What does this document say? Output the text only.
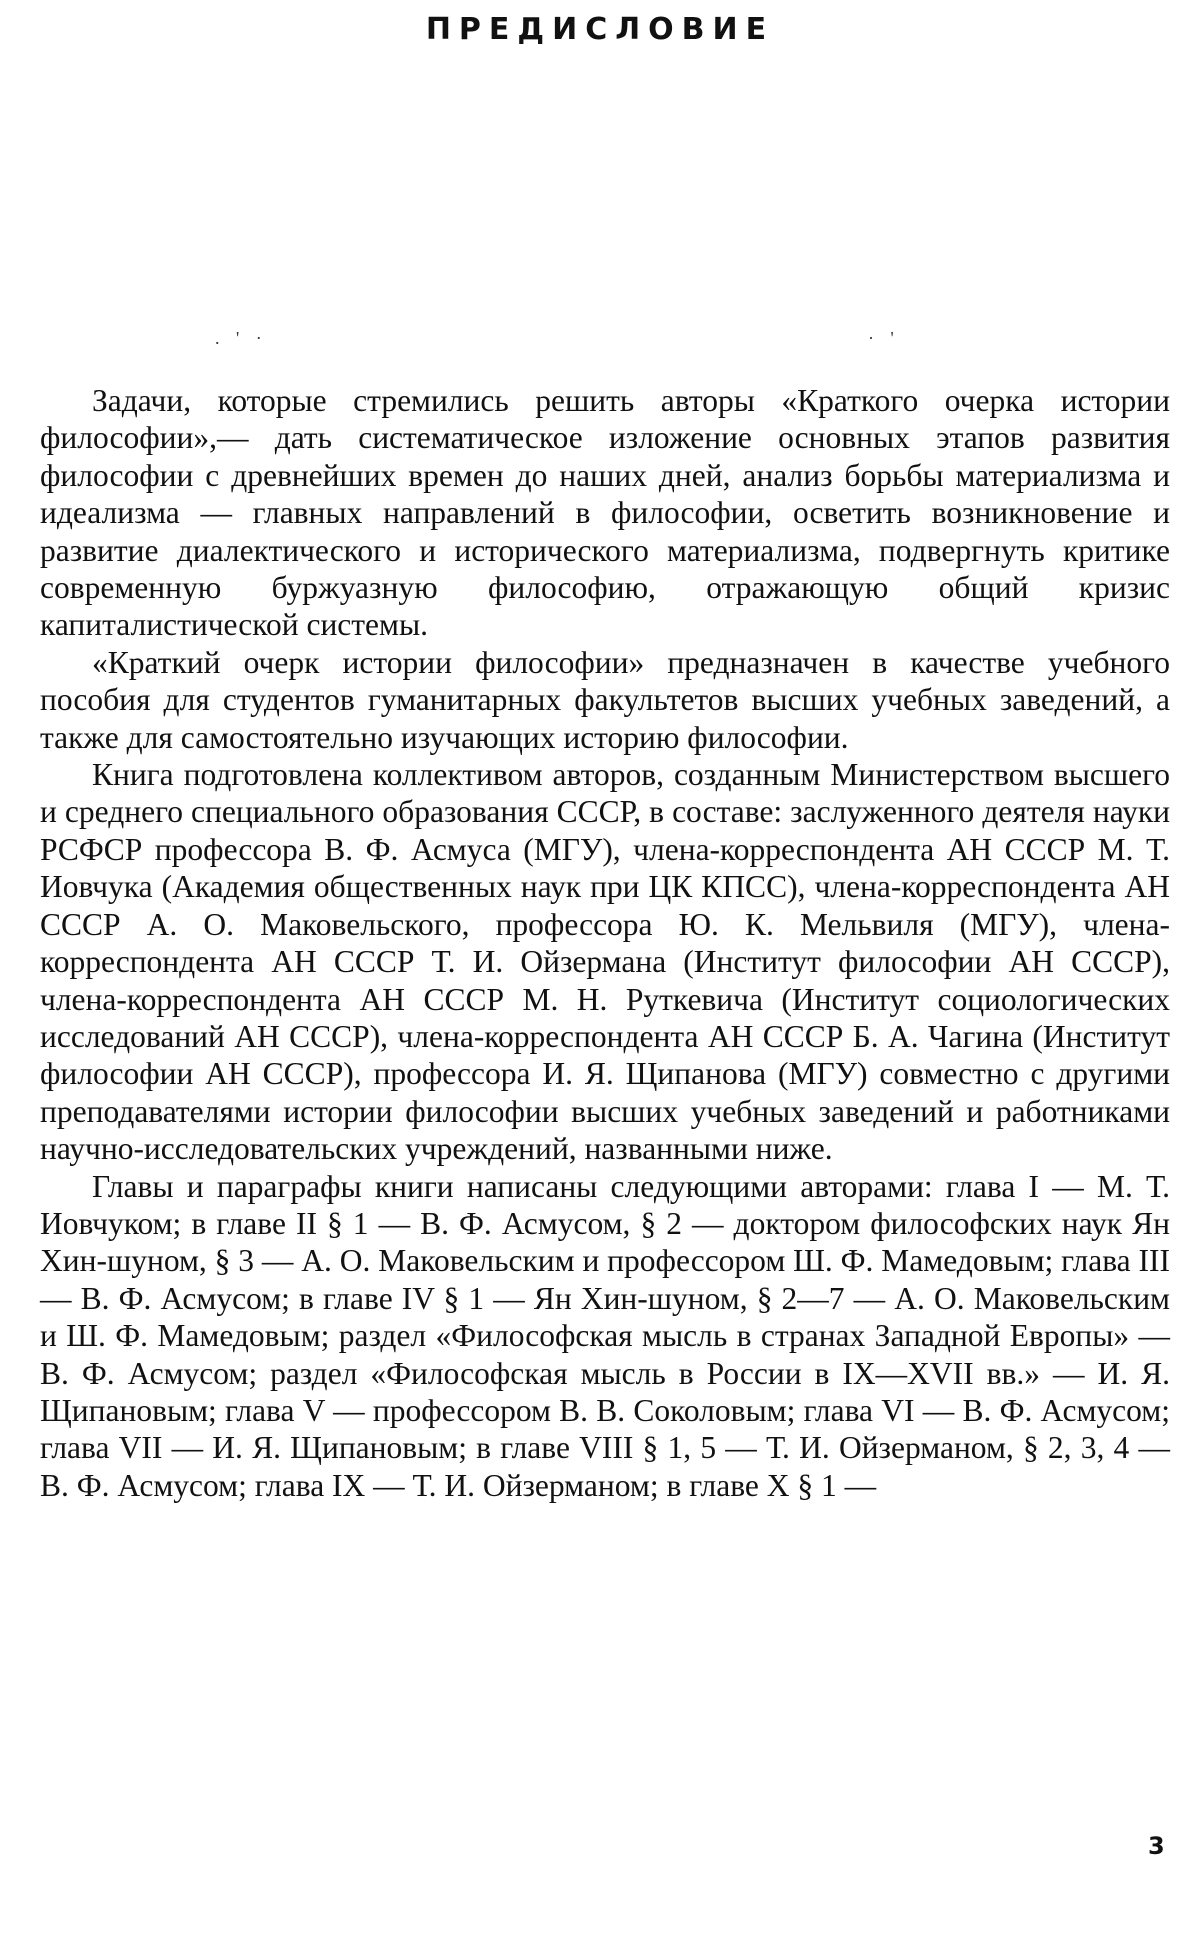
ПРЕДИСЛОВИЕ
. ' ·	· '

Задачи, которые стремились решить авторы «Краткого очерка истории философии»,— дать систематическое изложение основных этапов развития философии с древнейших времен до наших дней, анализ борьбы материализма и идеализма — главных направлений в философии, осветить возникновение и развитие диалектического и исторического материализма, подвергнуть критике современную буржуазную философию, отражающую общий кризис капиталистической системы.

«Краткий очерк истории философии» предназначен в качестве учебного пособия для студентов гуманитарных факультетов высших учебных заведений, а также для самостоятельно изучающих историю философии.

Книга подготовлена коллективом авторов, созданным Министерством высшего и среднего специального образования СССР, в составе: заслуженного деятеля науки РСФСР профессора В. Ф. Асмуса (МГУ), члена-корреспондента АН СССР М. Т. Иовчука (Академия общественных наук при ЦК КПСС), члена-корреспондента АН СССР А. О. Маковельского, профессора Ю. К. Мельвиля (МГУ), члена-корреспондента АН СССР Т. И. Ойзермана (Институт философии АН СССР), члена-корреспондента АН СССР М. Н. Руткевича (Институт социологических исследований АН СССР), члена-корреспондента АН СССР Б. А. Чагина (Институт философии АН СССР), профессора И. Я. Щипанова (МГУ) совместно с другими преподавателями истории философии высших учебных заведений и работниками научно-исследовательских учреждений, названными ниже.

Главы и параграфы книги написаны следующими авторами: глава I — М. Т. Иовчуком; в главе II § 1 — В. Ф. Асмусом, § 2 — доктором философских наук Ян Хин-шуном, § 3 — А. О. Маковельским и профессором Ш. Ф. Мамедовым; глава III — В. Ф. Асмусом; в главе IV § 1 — Ян Хин-шуном, § 2—7 — А. О. Маковельским и Ш. Ф. Мамедовым; раздел «Философская мысль в странах Западной Европы» — В. Ф. Асмусом; раздел «Философская мысль в России в IX—XVII вв.» — И. Я. Щипановым; глава V — профессором В. В. Соколовым; глава VI — В. Ф. Асмусом; глава VII — И. Я. Щипановым; в главе VIII § 1, 5 — Т. И. Ойзерманом, § 2, 3, 4 — В. Ф. Асмусом; глава IX — Т. И. Ойзерманом; в главе X § 1 —

3
